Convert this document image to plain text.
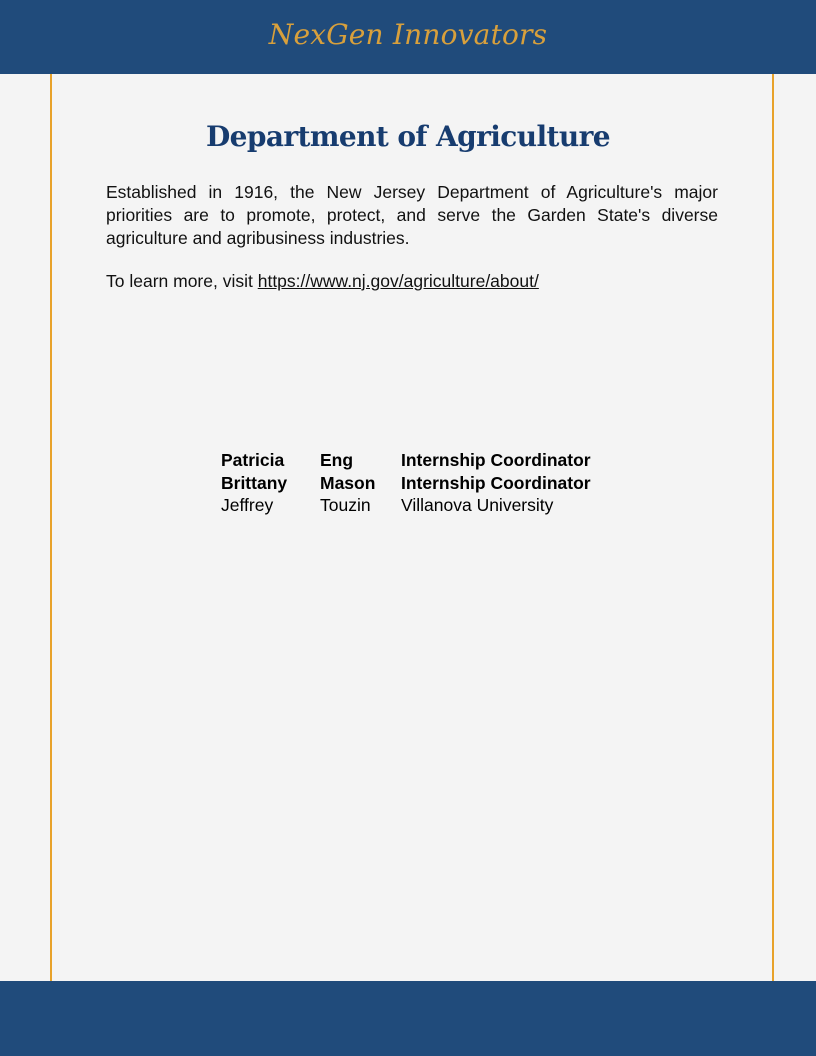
NexGen Innovators
Department of Agriculture

Established in 1916, the New Jersey Department of Agriculture's major priorities are to promote, protect, and serve the Garden State's diverse agriculture and agribusiness industries.

To learn more, visit https://www.nj.gov/agriculture/about/

Patricia	Eng	Internship Coordinator
Brittany	Mason	Internship Coordinator
Jeffrey	Touzin	Villanova University
